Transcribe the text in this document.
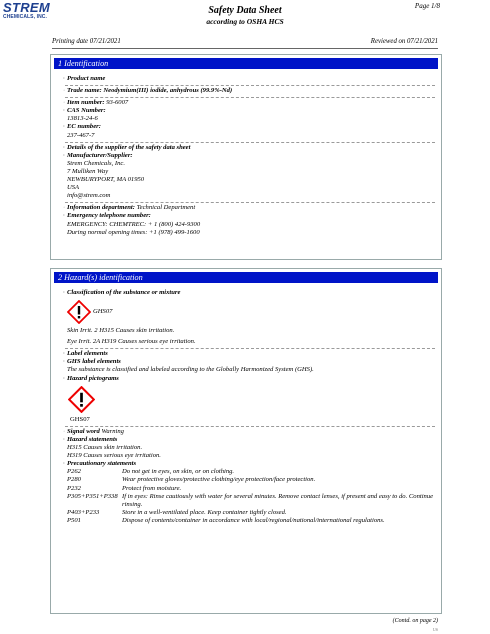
STREM
CHEMICALS, INC.
Safety Data Sheet
according to OSHA HCS
Page 1/8
Printing date 07/21/2021	Reviewed on 07/21/2021
1 Identification

· Product name

· Trade name: Neodymium(III) iodide, anhydrous (99.9%-Nd)

· Item number: 93-6007

· CAS Number:

13813-24-6

· EC number:

237-467-7

· Details of the supplier of the safety data sheet

· Manufacturer/Supplier:

Strem Chemicals, Inc.

7 Mulliken Way

NEWBURYPORT, MA 01950

USA

info@strem.com

· Information department: Technical Department

· Emergency telephone number:

EMERGENCY: CHEMTREC: + 1 (800) 424-9300

During normal opening times: +1 (978) 499-1600

2 Hazard(s) identification

· Classification of the substance or mixture

GHS07

Skin Irrit. 2 H315 Causes skin irritation.

Eye Irrit. 2A H319 Causes serious eye irritation.

· Label elements

· GHS label elements

The substance is classified and labeled according to the Globally Harmonized System (GHS).

· Hazard pictograms

GHS07

· Signal word Warning

· Hazard statements

H315 Causes skin irritation.

H319 Causes serious eye irritation.

· Precautionary statements

P262	Do not get in eyes, on skin, or on clothing.
P280	Wear protective gloves/protective clothing/eye protection/face protection.
P232	Protect from moisture.
P305+P351+P338 If in eyes: Rinse cautiously with water for several minutes. Remove contact lenses, if present and easy to do. Continue rinsing.
P403+P233	Store in a well-ventilated place. Keep container tightly closed.
P501	Dispose of contents/container in accordance with local/regional/national/international regulations.
(Contd. on page 2)
US
